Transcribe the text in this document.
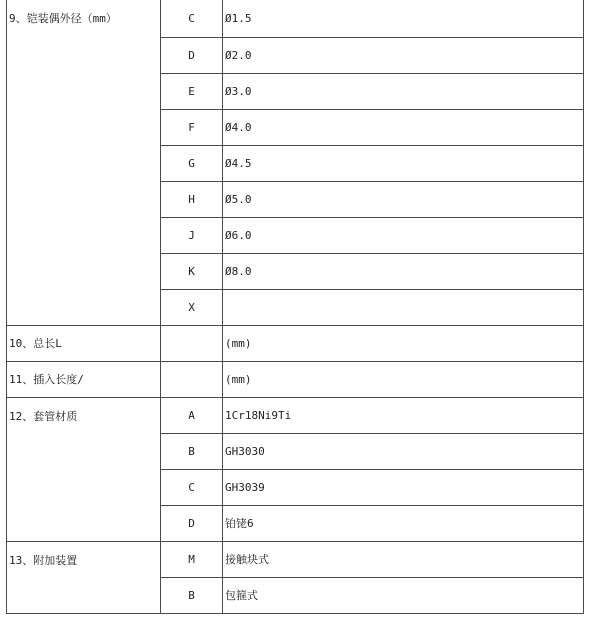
9、铠装偶外径（mm）	C	Ø1.5
	D	Ø2.0
	E	Ø3.0
	F	Ø4.0
	G	Ø4.5
	H	Ø5.0
	J	Ø6.0
	K	Ø8.0
	X	
10、总长L		(mm)
11、插入长度/		(mm)
12、套管材质	A	1Cr18Ni9Ti
	B	GH3030
	C	GH3039
	D	铂铑6
13、附加装置	M	接触块式
	B	包箍式
